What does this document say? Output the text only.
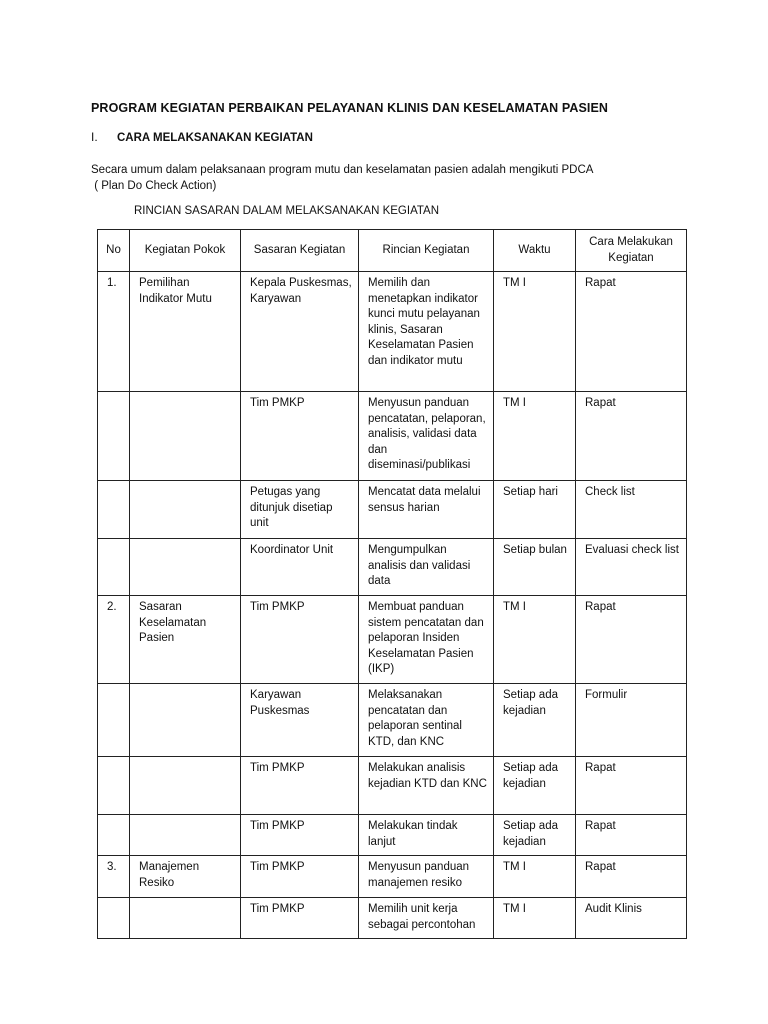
PROGRAM KEGIATAN PERBAIKAN PELAYANAN KLINIS DAN KESELAMATAN PASIEN
I. CARA MELAKSANAKAN KEGIATAN
Secara umum dalam pelaksanaan program mutu dan keselamatan pasien adalah mengikuti PDCA
( Plan Do Check Action)
RINCIAN SASARAN DALAM MELAKSANAKAN KEGIATAN
No	Kegiatan Pokok	Sasaran Kegiatan	Rincian Kegiatan	Waktu	Cara Melakukan Kegiatan
1.	Pemilihan Indikator Mutu	Kepala Puskesmas, Karyawan	Memilih dan menetapkan indikator kunci mutu pelayanan klinis, Sasaran Keselamatan Pasien dan indikator mutu	TM I	Rapat
		Tim PMKP	Menyusun panduan pencatatan, pelaporan, analisis, validasi data dan diseminasi/publikasi	TM I	Rapat
		Petugas yang ditunjuk disetiap unit	Mencatat data melalui sensus harian	Setiap hari	Check list
		Koordinator Unit	Mengumpulkan analisis dan validasi data	Setiap bulan	Evaluasi check list
2.	Sasaran Keselamatan Pasien	Tim PMKP	Membuat panduan sistem pencatatan dan pelaporan Insiden Keselamatan Pasien (IKP)	TM I	Rapat
		Karyawan Puskesmas	Melaksanakan pencatatan dan pelaporan sentinal KTD, dan KNC	Setiap ada kejadian	Formulir
		Tim PMKP	Melakukan analisis kejadian KTD dan KNC	Setiap ada kejadian	Rapat
		Tim PMKP	Melakukan tindak lanjut	Setiap ada kejadian	Rapat
3.	Manajemen Resiko	Tim PMKP	Menyusun panduan manajemen resiko	TM I	Rapat
		Tim PMKP	Memilih unit kerja sebagai percontohan	TM I	Audit Klinis
